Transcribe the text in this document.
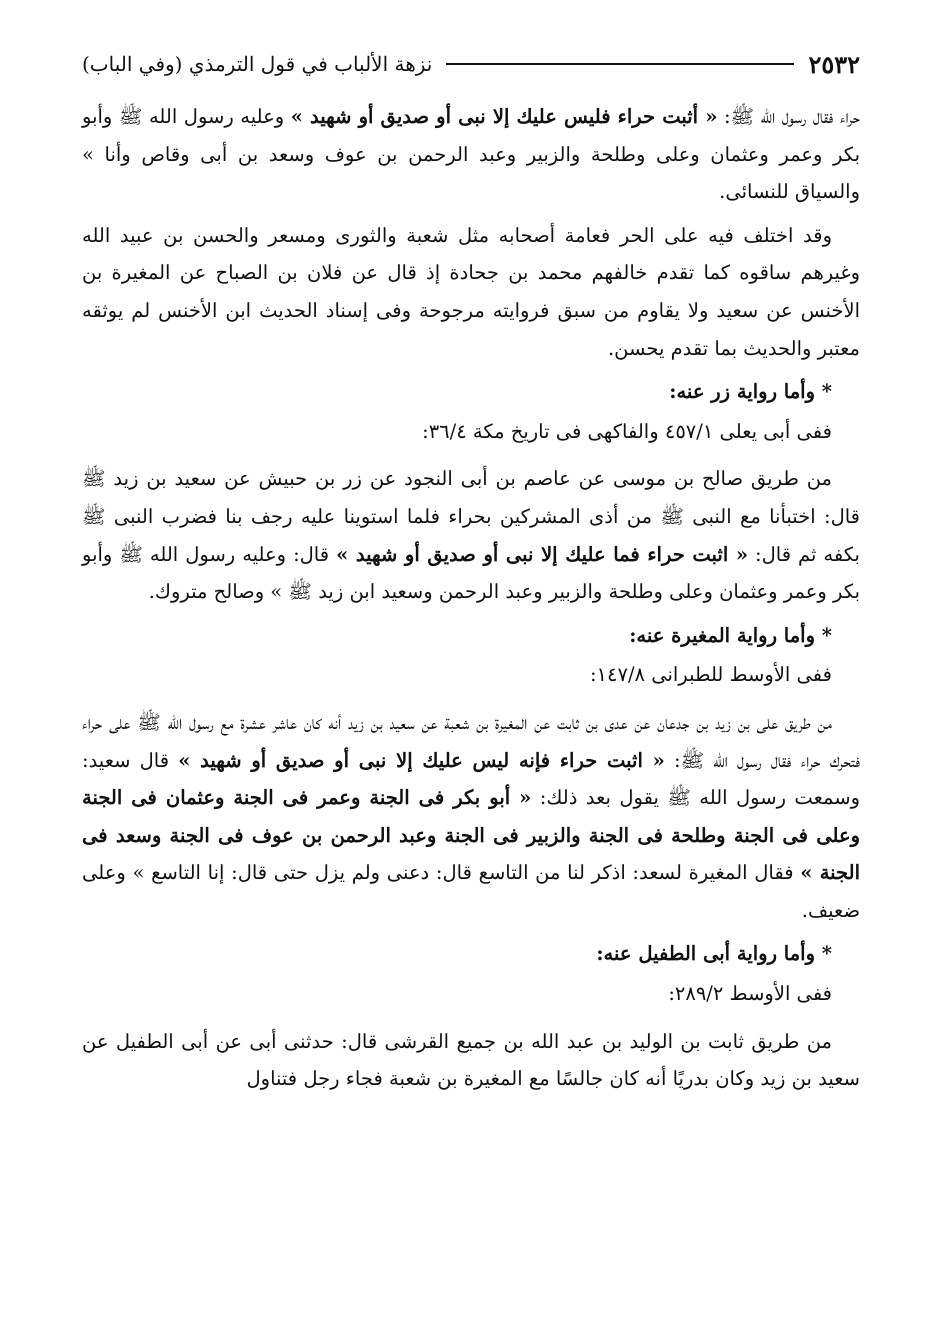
٢٥٣٢
نزهة الألباب في قول الترمذي (وفي الباب)

حراء فقال رسول الله ﷺ: « أثبت حراء فليس عليك إلا نبى أو صديق أو شهيد » وعليه رسول الله ﷺ وأبو بكر وعمر وعثمان وعلى وطلحة والزبير وعبد الرحمن بن عوف وسعد بن أبى وقاص وأنا » والسياق للنسائى.

وقد اختلف فيه على الحر فعامة أصحابه مثل شعبة والثورى ومسعر والحسن بن عبيد الله وغيرهم ساقوه كما تقدم خالفهم محمد بن جحادة إذ قال عن فلان بن الصباح عن المغيرة بن الأخنس عن سعيد ولا يقاوم من سبق فروايته مرجوحة وفى إسناد الحديث ابن الأخنس لم يوثقه معتبر والحديث بما تقدم يحسن.

* وأما رواية زر عنه:

ففى أبى يعلى ٤٥٧/١ والفاكهى فى تاريخ مكة ٣٦/٤:

من طريق صالح بن موسى عن عاصم بن أبى النجود عن زر بن حبيش عن سعيد بن زيد ﷺ قال: اختبأنا مع النبى ﷺ من أذى المشركين بحراء فلما استوينا عليه رجف بنا فضرب النبى ﷺ بكفه ثم قال: « اثبت حراء فما عليك إلا نبى أو صديق أو شهيد » قال: وعليه رسول الله ﷺ وأبو بكر وعمر وعثمان وعلى وطلحة والزبير وعبد الرحمن وسعيد ابن زيد ﷺ » وصالح متروك.

* وأما رواية المغيرة عنه:

ففى الأوسط للطبرانى ١٤٧/٨:

من طريق على بن زيد بن جدعان عن عدى بن ثابت عن المغيرة بن شعبة عن سعيد بن زيد أنه كان عاشر عشرة مع رسول الله ﷺ على حراء فتحرك حراء فقال رسول الله ﷺ: « اثبت حراء فإنه ليس عليك إلا نبى أو صديق أو شهيد » قال سعيد: وسمعت رسول الله ﷺ يقول بعد ذلك: « أبو بكر فى الجنة وعمر فى الجنة وعثمان فى الجنة وعلى فى الجنة وطلحة فى الجنة والزبير فى الجنة وعبد الرحمن بن عوف فى الجنة وسعد فى الجنة » فقال المغيرة لسعد: اذكر لنا من التاسع قال: دعنى ولم يزل حتى قال: إنا التاسع » وعلى ضعيف.

* وأما رواية أبى الطفيل عنه:

ففى الأوسط ٢٨٩/٢:

من طريق ثابت بن الوليد بن عبد الله بن جميع القرشى قال: حدثنى أبى عن أبى الطفيل عن سعيد بن زيد وكان بدريًا أنه كان جالسًا مع المغيرة بن شعبة فجاء رجل فتناول
